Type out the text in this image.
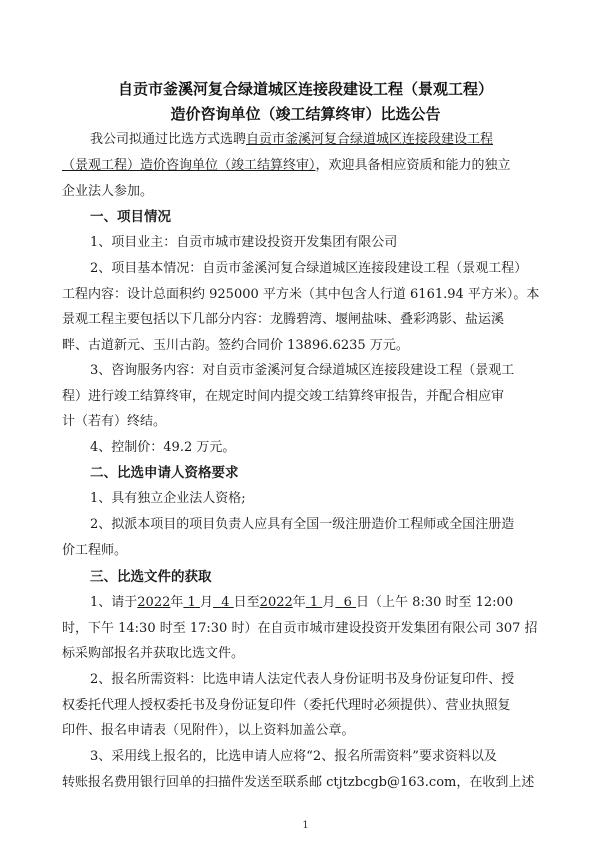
自贡市釜溪河复合绿道城区连接段建设工程（景观工程）
造价咨询单位（竣工结算终审）比选公告
我公司拟通过比选方式选聘自贡市釜溪河复合绿道城区连接段建设工程
（景观工程）造价咨询单位（竣工结算终审），欢迎具备相应资质和能力的独立
企业法人参加。
一、项目情况
1、项目业主：自贡市城市建设投资开发集团有限公司
2、项目基本情况：自贡市釜溪河复合绿道城区连接段建设工程（景观工程）
工程内容：设计总面积约 925000 平方米（其中包含人行道 6161.94 平方米）。本
景观工程主要包括以下几部分内容：龙腾碧湾、堰闸盐味、叠彩鸿影、盐运溪
畔、古道新元、玉川古韵。签约合同价 13896.6235 万元。
3、咨询服务内容：对自贡市釜溪河复合绿道城区连接段建设工程（景观工
程）进行竣工结算终审，在规定时间内提交竣工结算终审报告，并配合相应审
计（若有）终结。
4、控制价：49.2 万元。
二、比选申请人资格要求
1、具有独立企业法人资格;
2、拟派本项目的项目负责人应具有全国一级注册造价工程师或全国注册造
价工程师。
三、比选文件的获取
1、请于2022年 1 月 4 日至2022年 1 月 6 日（上午 8:30 时至 12:00
时，下午 14:30 时至 17:30 时）在自贡市城市建设投资开发集团有限公司 307 招
标采购部报名并获取比选文件。
2、报名所需资料：比选申请人法定代表人身份证明书及身份证复印件、授
权委托代理人授权委托书及身份证复印件（委托代理时必须提供）、营业执照复
印件、报名申请表（见附件），以上资料加盖公章。
3、采用线上报名的，比选申请人应将“2、报名所需资料”要求资料以及
转账报名费用银行回单的扫描件发送至联系邮 ctjtzbcgb@163.com，在收到上述
1
